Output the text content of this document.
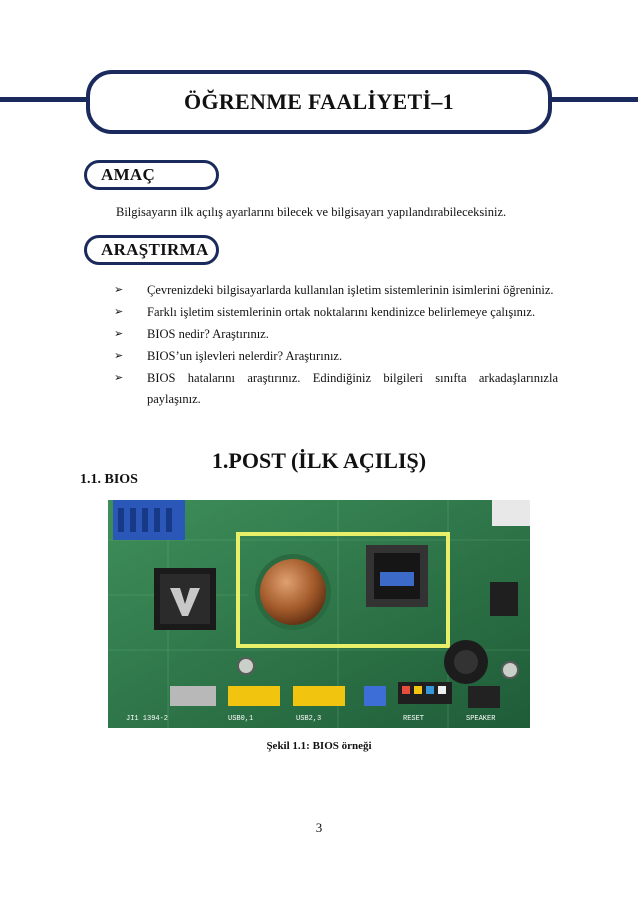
ÖĞRENME FAALİYETİ–1
AMAÇ
Bilgisayarın ilk açılış ayarlarını bilecek ve bilgisayarı yapılandırabileceksiniz.
ARAŞTIRMA
➢ Çevrenizdeki bilgisayarlarda kullanılan işletim sistemlerinin isimlerini öğreniniz.
➢ Farklı işletim sistemlerinin ortak noktalarını kendinizce belirlemeye çalışınız.
➢ BIOS nedir? Araştırınız.
➢ BIOS’un işlevleri nelerdir? Araştırınız.
➢ BIOS hatalarını araştırınız. Edindiğiniz bilgileri sınıfta arkadaşlarınızla paylaşınız.
1.POST (İLK AÇILIŞ)
1.1. BIOS
JI1 1394-2	USB0,1	USB2,3	RESET	SPEAKER
Şekil 1.1: BIOS örneği
3
